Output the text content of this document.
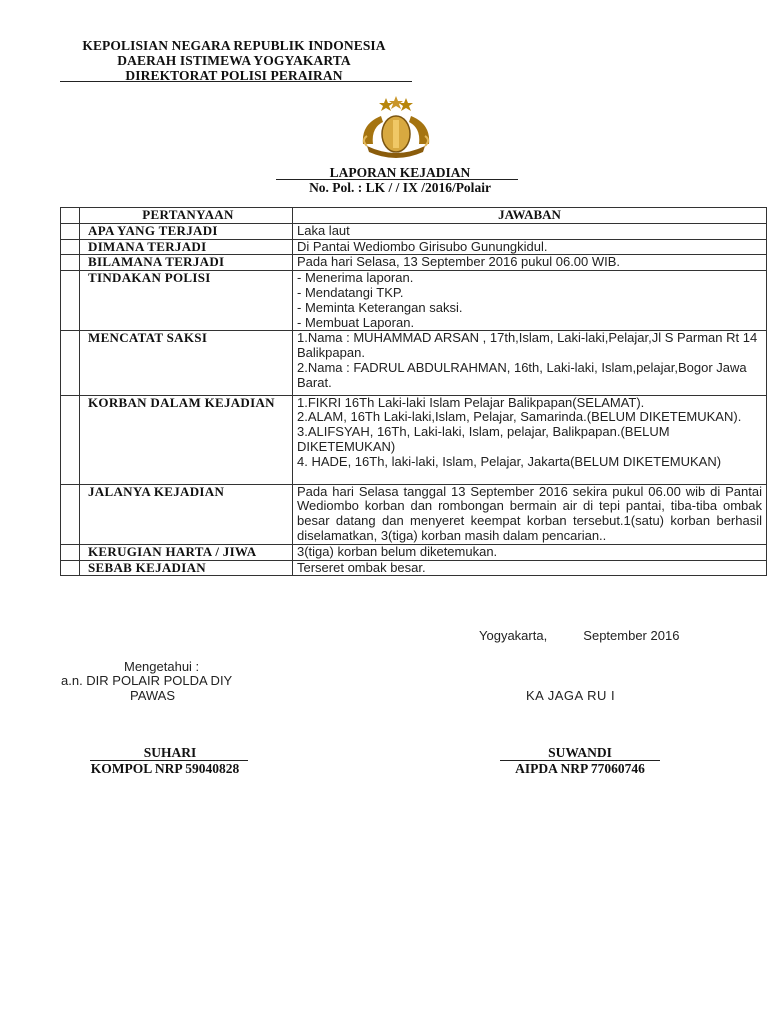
KEPOLISIAN NEGARA REPUBLIK INDONESIA
DAERAH ISTIMEWA YOGYAKARTA
DIREKTORAT POLISI PERAIRAN
LAPORAN KEJADIAN
No. Pol. : LK / / IX /2016/Polair
	PERTANYAAN	JAWABAN
	APA YANG TERJADI	Laka laut

	DIMANA TERJADI	Di Pantai Wediombo Girisubo Gunungkidul.

	BILAMANA TERJADI	Pada hari Selasa, 13 September 2016 pukul 06.00 WIB.

	TINDAKAN POLISI	- Menerima laporan.
- Mendatangi TKP.
- Meminta Keterangan saksi.
- Membuat Laporan.

	MENCATAT SAKSI	1.Nama : MUHAMMAD ARSAN , 17th,Islam, Laki-laki,Pelajar,Jl S Parman Rt 14 Balikpapan.
2.Nama : FADRUL ABDULRAHMAN, 16th, Laki-laki, Islam,pelajar,Bogor Jawa Barat.

	KORBAN DALAM KEJADIAN	1.FIKRI 16Th Laki-laki Islam Pelajar Balikpapan(SELAMAT).
2.ALAM, 16Th Laki-laki,Islam, Pelajar, Samarinda.(BELUM DIKETEMUKAN).
3.ALIFSYAH, 16Th, Laki-laki, Islam, pelajar, Balikpapan.(BELUM DIKETEMUKAN)
4. HADE, 16Th, laki-laki, Islam, Pelajar, Jakarta(BELUM DIKETEMUKAN)

	JALANYA KEJADIAN	Pada hari Selasa tanggal 13 September 2016 sekira pukul 06.00 wib di Pantai Wediombo korban dan rombongan bermain air di tepi pantai, tiba-tiba ombak besar datang dan menyeret keempat korban tersebut.1(satu) korban berhasil diselamatkan, 3(tiga) korban masih dalam pencarian..

	KERUGIAN HARTA / JIWA	3(tiga) korban belum diketemukan.

	SEBAB KEJADIAN	Terseret ombak besar.
Yogyakarta,          September 2016
Mengetahui :
a.n. DIR POLAIR POLDA DIY
PAWAS	KA JAGA RU I
SUHARI
KOMPOL NRP 59040828
SUWANDI
AIPDA NRP 77060746
